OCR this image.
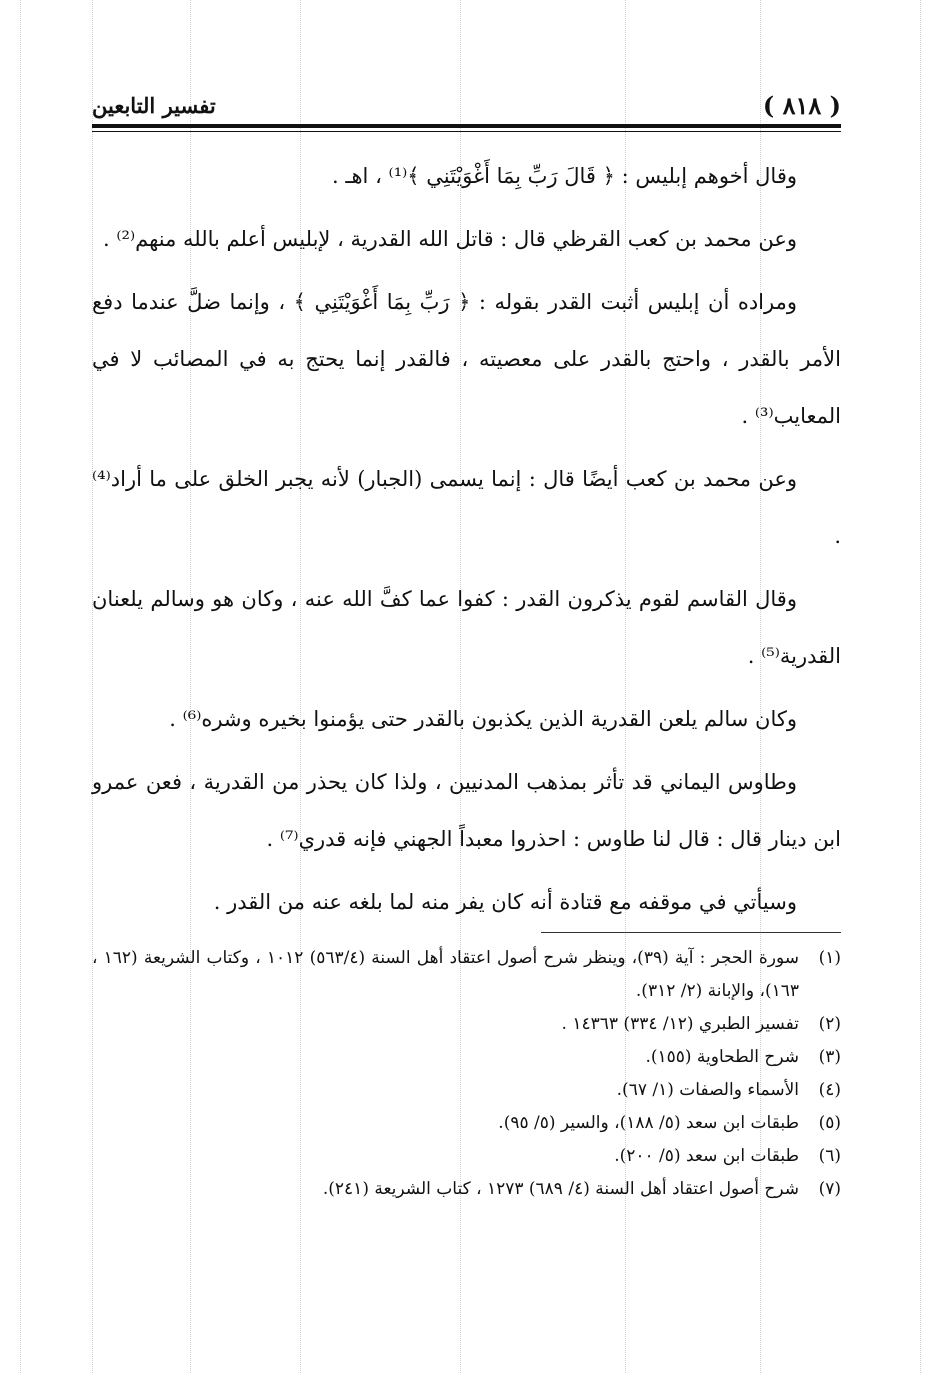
تفسير التابعين	( ٨١٨ )

وقال أخوهم إبليس : ﴿ قَالَ رَبِّ بِمَا أَغْوَيْتَنِي ﴾⁽¹⁾ ، اهـ .

وعن محمد بن كعب القرظي قال : قاتل الله القدرية ، لإبليس أعلم بالله منهم⁽²⁾ .

ومراده أن إبليس أثبت القدر بقوله : ﴿ رَبِّ بِمَا أَغْوَيْتَنِي ﴾ ، وإنما ضلَّ عندما دفع الأمر بالقدر ، واحتج بالقدر على معصيته ، فالقدر إنما يحتج به في المصائب لا في المعايب⁽³⁾ .

وعن محمد بن كعب أيضًا قال : إنما يسمى (الجبار) لأنه يجبر الخلق على ما أراد⁽⁴⁾ .

وقال القاسم لقوم يذكرون القدر : كفوا عما كفَّ الله عنه ، وكان هو وسالم يلعنان القدرية⁽⁵⁾ .

وكان سالم يلعن القدرية الذين يكذبون بالقدر حتى يؤمنوا بخيره وشره⁽⁶⁾ .

وطاوس اليماني قد تأثر بمذهب المدنيين ، ولذا كان يحذر من القدرية ، فعن عمرو ابن دينار قال : قال لنا طاوس : احذروا معبداً الجهني فإنه قدري⁽⁷⁾ .

وسيأتي في موقفه مع قتادة أنه كان يفر منه لما بلغه عنه من القدر .

(١)
سورة الحجر : آية (٣٩)، وينظر شرح أصول اعتقاد أهل السنة (٥٦٣/٤) ١٠١٢ ، وكتاب الشريعة (١٦٢ ، ١٦٣)، والإبانة (٢/ ٣١٢).
(٢)
تفسير الطبري (١٢/ ٣٣٤) ١٤٣٦٣ .
(٣)
شرح الطحاوية (١٥٥).
(٤)
الأسماء والصفات (١/ ٦٧).
(٥)
طبقات ابن سعد (٥/ ١٨٨)، والسير (٥/ ٩٥).
(٦)
طبقات ابن سعد (٥/ ٢٠٠).
(٧)
شرح أصول اعتقاد أهل السنة (٤/ ٦٨٩) ١٢٧٣ ، كتاب الشريعة (٢٤١).
